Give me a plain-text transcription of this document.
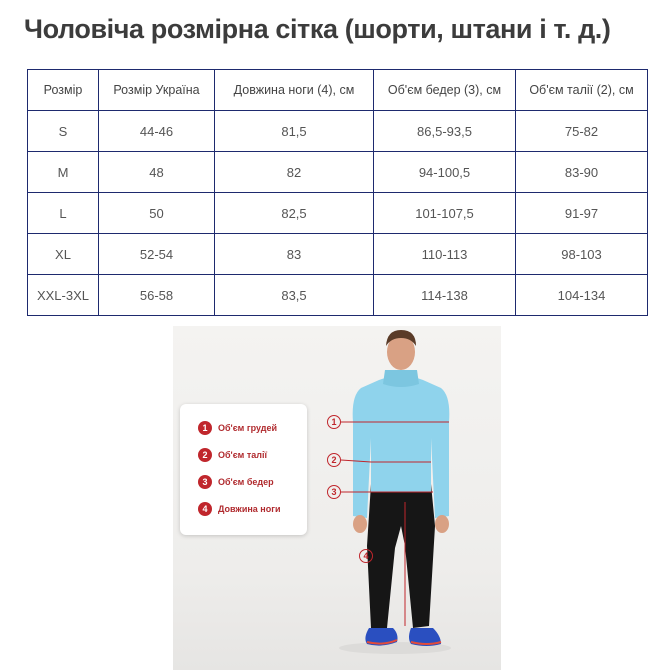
Чоловіча розмірна сітка (шорти, штани і т. д.)
Розмір	Розмір Україна	Довжина ноги (4), см	Об'єм бедер (3), см	Об'єм талії (2), см
S	44-46	81,5	86,5-93,5	75-82
M	48	82	94-100,5	83-90
L	50	82,5	101-107,5	91-97
XL	52-54	83	110-113	98-103
XXL-3XL	56-58	83,5	114-138	104-134
1	Об'єм грудей
2	Об'єм талії
3	Об'єм бедер
4	Довжина ноги
1
2
3
4
